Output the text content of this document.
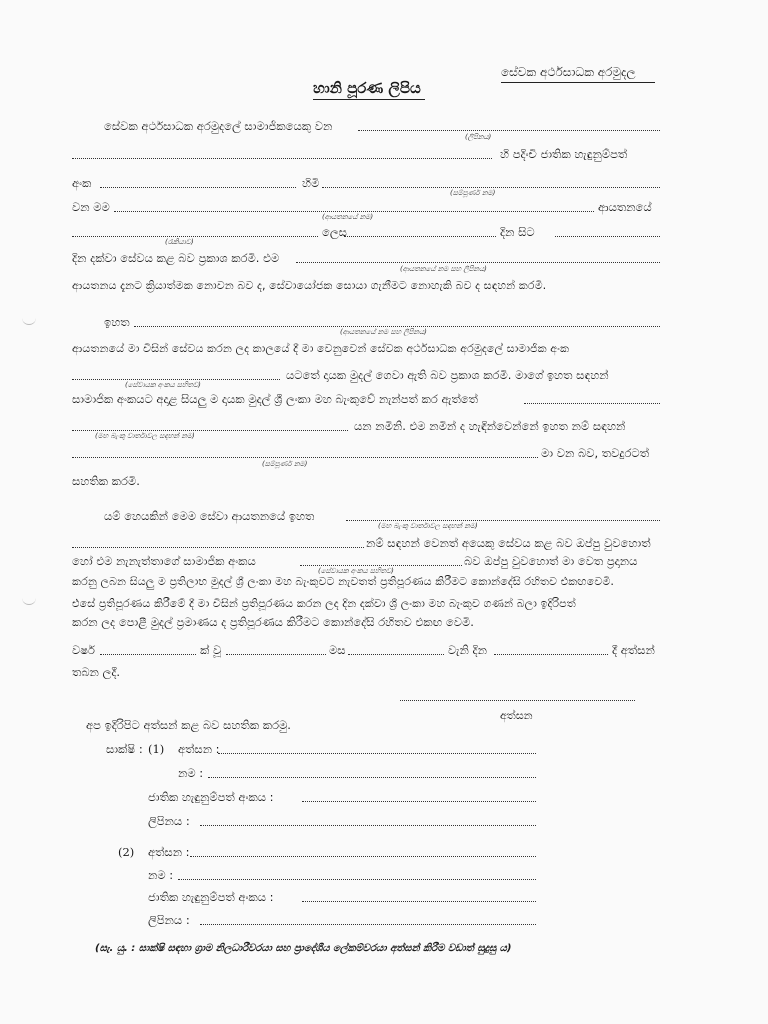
සේවක අර්ථසාධක අරමුදල
හානි පූරණ ලිපිය
සේවක අර්ථසාධක අරමුදලේ සාමාජිකයෙකු වන
(ලිපිනය)
හි පදිංචි ජාතික හැඳුනුම්පත්
අංක	හිමි
(සම්පූර්ණ නම)
වන මම	ආයතනයේ
(ආයතනයේ නම)
(රැකියාව)
ලෙස	දින සිට
දින දක්වා සේවය කළ බව ප්‍රකාශ කරමි. එම
(ආයතනයේ නම සහ ලිපිනය)
ආයතනය දැනට ක්‍රියාත්මක නොවන බව ද, සේවායෝජක සොයා ගැනීමට නොහැකි බව ද සඳහන් කරමි.
ඉහත
(ආයතනයේ නම සහ ලිපිනය)
ආයතනයේ මා විසින් සේවය කරන ලද කාලයේ දී මා වෙනුවෙන් සේවක අර්ථසාධක අරමුදලේ සාමාජික අංක
(සේවායක අංකය සහිතව)
යටතේ දායක මුදල් ගෙවා ඇති බව ප්‍රකාශ කරමි. මාගේ ඉහත සඳහන්
සාමාජික අංකයට අදාළ සියලු ම දායක මුදල් ශ්‍රී ලංකා මහ බැංකුවේ නැන්පත් කර ඇත්තේ
(මහ බැංකු වාර්තාවල සඳහන් නම)
යන නමිනි. එම නමින් ද හැඳින්වෙන්නේ ඉහත නම් සඳහන්
(සම්පූර්ණ නම)
මා වන බව, තවදුරටත්
සහතික කරමි.
යම් හෙයකින් මෙම සේවා ආයතනයේ ඉහත
(මහ බැංකු වාර්තාවල සඳහන් නම)
නම් සඳහන් වෙනත් අයෙකු සේවය කළ බව ඔප්පු වුවහොත්
හෝ එම නැනැත්තාගේ සාමාජික අංකය
(සේවායක අංකය සහිතව)
බව ඔප්පු වුවහොත් මා වෙත ප්‍රදානය
කරනු ලබන සියලු ම ප්‍රතිලාභ මුදල් ශ්‍රී ලංකා මහ බැංකුවට නැවතත් ප්‍රතිපූරණය කිරීමට කොන්දේසි රහිතව එකඟවෙමි.
එසේ ප්‍රතිපූරණය කිරීමේ දී මා විසින් ප්‍රතිපූරණය කරන ලද දින දක්වා ශ්‍රී ලංකා මහ බැංකුව ගණන් බලා ඉදිරිපත්
කරන ලද පොළී මුදල් ප්‍රමාණය ද ප්‍රතිපූරණය කිරීමට කොන්දේසි රහිතව එකඟ වෙමි.
වර්ෂ	ක් වූ	මස	වැනි දින	දී අත්සන්
තබන ලදී.
අත්සන
අප ඉදිරිපිට අත්සන් කළ බව සහතික කරමු.
සාක්ෂි : (1) අත්සන :
නම :
ජාතික හැඳුනුම්පත් අංකය :
ලිපිනය :
(2) අත්සන :
නම :
ජාතික හැඳුනුම්පත් අංකය :
ලිපිනය :
(සැ. යු. : සාක්ෂි සඳහා ග්‍රාම නිලධාරීවරයා සහ ප්‍රාදේශීය ලේකම්වරයා අත්සන් කිරීම වඩාත් සුදුසු ය)
